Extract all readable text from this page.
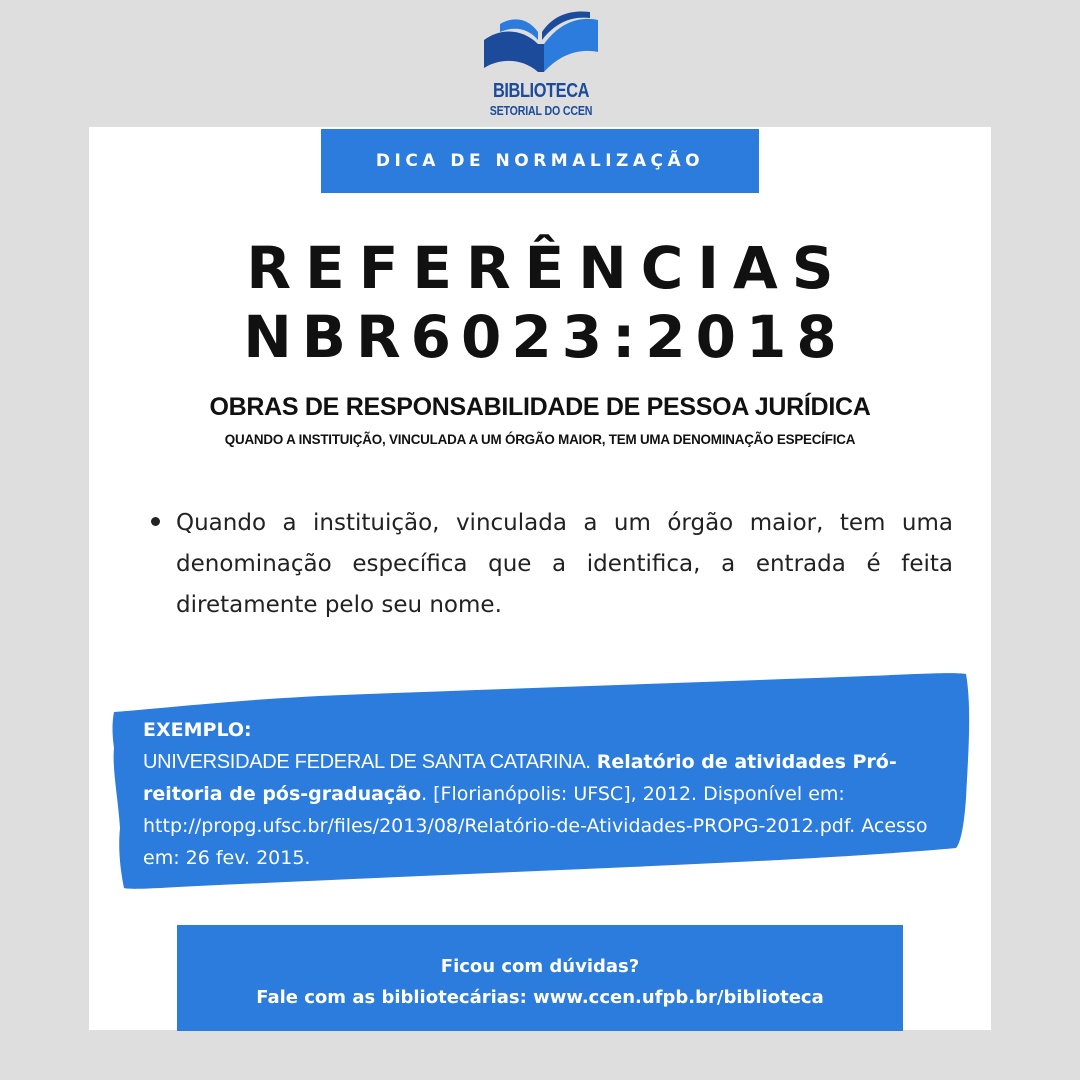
BIBLIOTECA
SETORIAL DO CCEN
DICA DE NORMALIZAÇÃO
REFERÊNCIAS
NBR6023:2018
OBRAS DE RESPONSABILIDADE DE PESSOA JURÍDICA
QUANDO A INSTITUIÇÃO, VINCULADA A UM ÓRGÃO MAIOR, TEM UMA DENOMINAÇÃO ESPECÍFICA

Quando a instituição, vinculada a um órgão maior, tem uma denominação específica que a identifica, a entrada é feita diretamente pelo seu nome.

EXEMPLO:
UNIVERSIDADE FEDERAL DE SANTA CATARINA. Relatório de atividades Pró-reitoria de pós-graduação. [Florianópolis: UFSC], 2012. Disponível em: http://propg.ufsc.br/files/2013/08/Relatório-de-Atividades-PROPG-2012.pdf. Acesso em: 26 fev. 2015.
Ficou com dúvidas?
Fale com as bibliotecárias: www.ccen.ufpb.br/biblioteca
